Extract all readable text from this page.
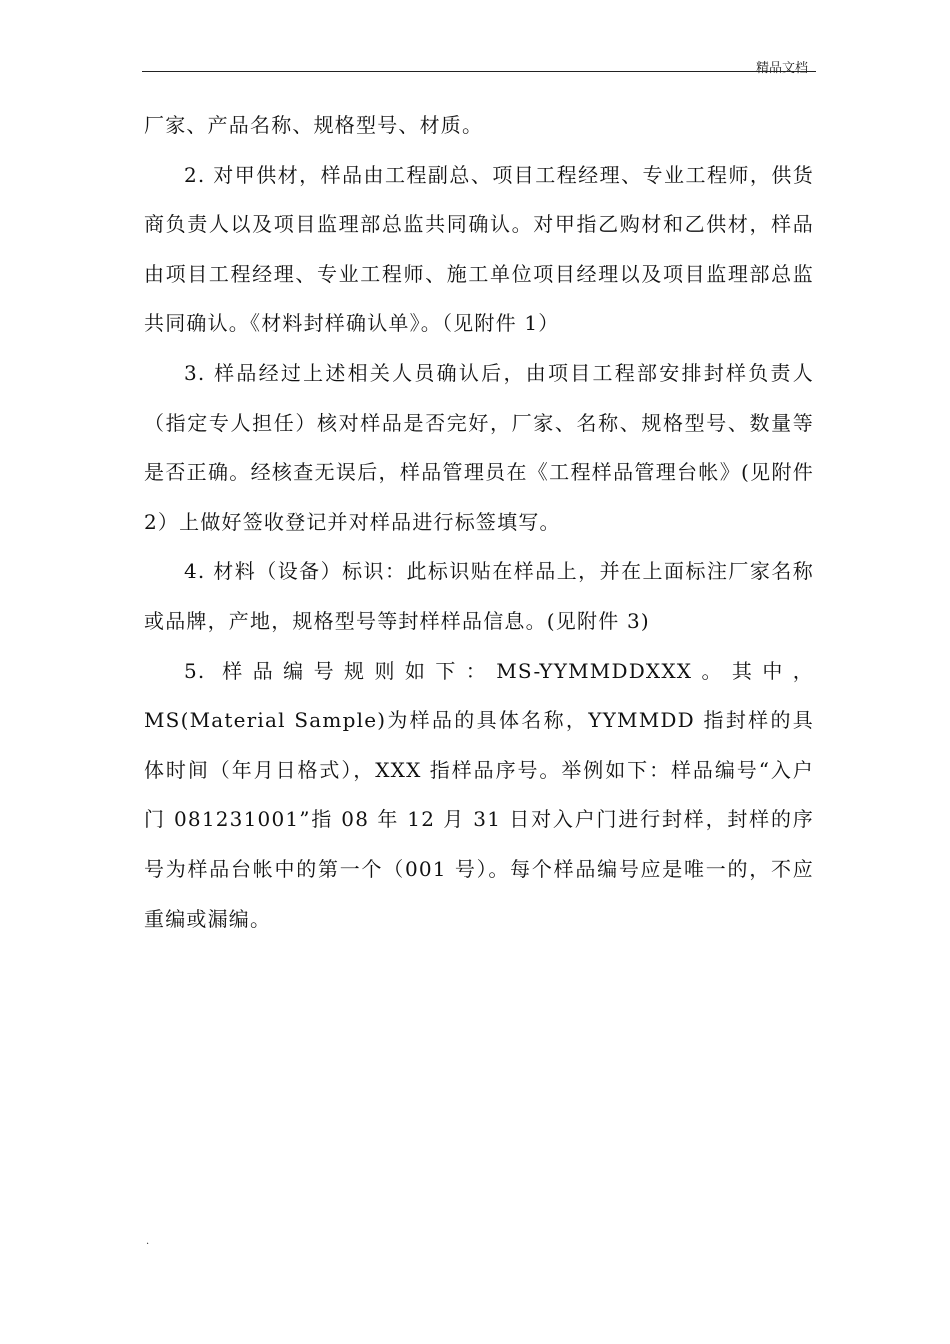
精品文档

厂家、产品名称、规格型号、材质。

2. 对甲供材，样品由工程副总、项目工程经理、专业工程师，供货商负责人以及项目监理部总监共同确认。对甲指乙购材和乙供材，样品由项目工程经理、专业工程师、施工单位项目经理以及项目监理部总监共同确认。《材料封样确认单》。（见附件 1）

3. 样品经过上述相关人员确认后，由项目工程部安排封样负责人（指定专人担任）核对样品是否完好，厂家、名称、规格型号、数量等是否正确。经核查无误后，样品管理员在《工程样品管理台帐》(见附件 2）上做好签收登记并对样品进行标签填写。

4. 材料（设备）标识：此标识贴在样品上，并在上面标注厂家名称或品牌，产地，规格型号等封样样品信息。(见附件 3)

5. 样品编号规则如下：MS-YYMMDDXXX。其中，MS(Material Sample)为样品的具体名称，YYMMDD 指封样的具体时间（年月日格式），XXX 指样品序号。举例如下：样品编号“入户门 081231001”指 08 年 12 月 31 日对入户门进行封样，封样的序号为样品台帐中的第一个（001 号）。每个样品编号应是唯一的，不应重编或漏编。

.
